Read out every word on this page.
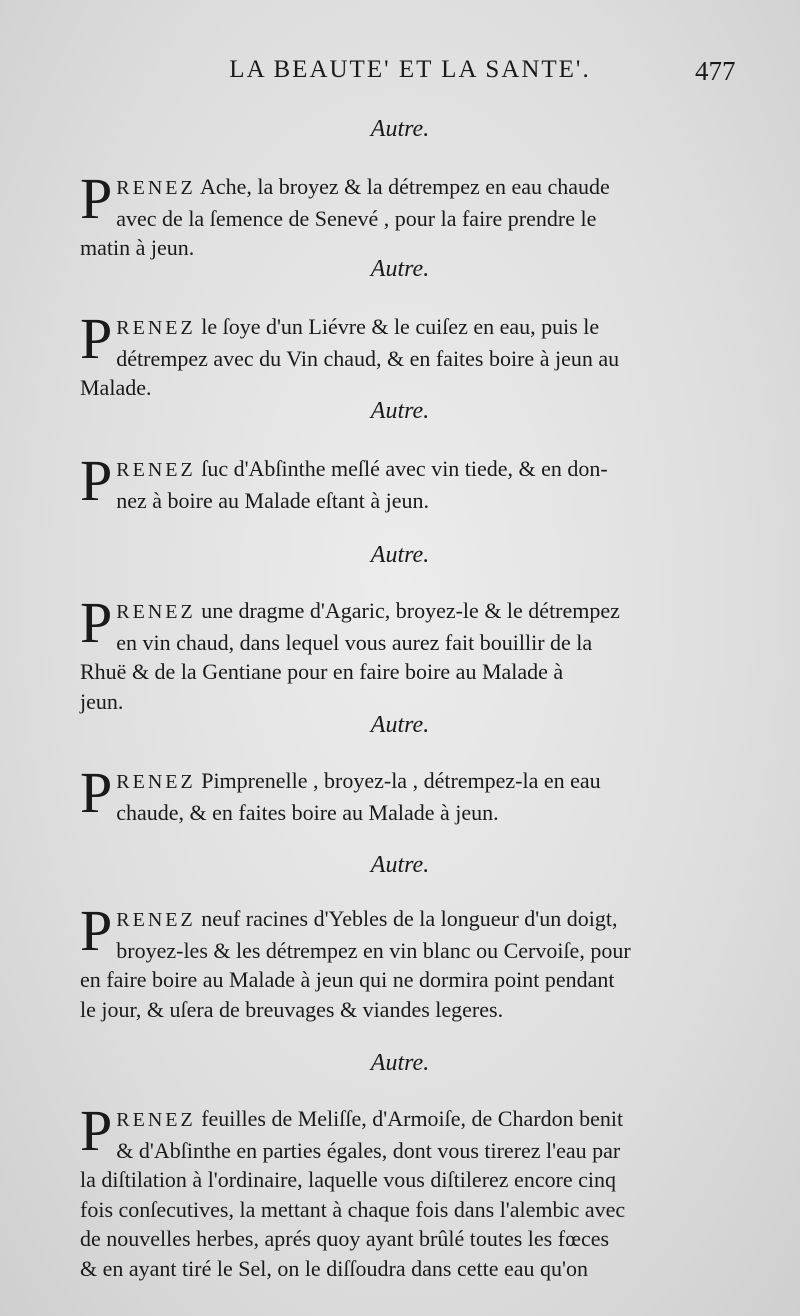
LA BEAUTE' ET LA SANTE'.	477
Autre.
P RENEZ Ache, la broyez & la détrempez en eau chaude
avec de la ſemence de Senevé , pour la faire prendre le
matin à jeun.
Autre.
P RENEZ le ſoye d'un Liévre & le cuiſez en eau, puis le
détrempez avec du Vin chaud, & en faites boire à jeun au
Malade.
Autre.
P RENEZ ſuc d'Abſinthe meſlé avec vin tiede, & en don-
nez à boire au Malade eſtant à jeun.
Autre.
P RENEZ une dragme d'Agaric, broyez-le & le détrempez
en vin chaud, dans lequel vous aurez fait bouillir de la
Rhuë & de la Gentiane pour en faire boire au Malade à
jeun.
Autre.
P RENEZ Pimprenelle , broyez-la , détrempez-la en eau
chaude, & en faites boire au Malade à jeun.
Autre.
P RENEZ neuf racines d'Yebles de la longueur d'un doigt,
broyez-les & les détrempez en vin blanc ou Cervoiſe, pour
en faire boire au Malade à jeun qui ne dormira point pendant
le jour, & uſera de breuvages & viandes legeres.
Autre.
P RENEZ feuilles de Meliſſe, d'Armoiſe, de Chardon benit
& d'Abſinthe en parties égales, dont vous tirerez l'eau par
la diſtilation à l'ordinaire, laquelle vous diſtilerez encore cinq
fois conſecutives, la mettant à chaque fois dans l'alembic avec
de nouvelles herbes, aprés quoy ayant brûlé toutes les fœces
& en ayant tiré le Sel, on le diſſoudra dans cette eau qu'on
